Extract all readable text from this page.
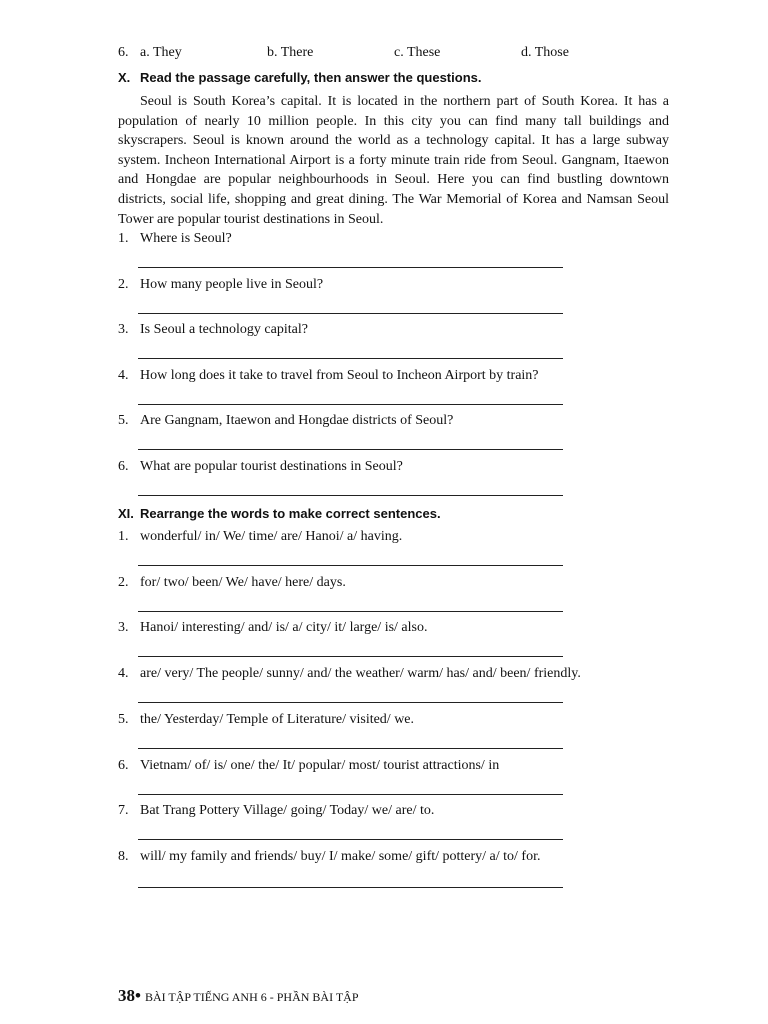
6. a. They	b. There	c. These	d. Those
X. Read the passage carefully, then answer the questions.

Seoul is South Korea’s capital. It is located in the northern part of South Korea. It has a population of nearly 10 million people. In this city you can find many tall buildings and skyscrapers. Seoul is known around the world as a technology capital. It has a large subway system. Incheon International Airport is a forty minute train ride from Seoul. Gangnam, Itaewon and Hongdae are popular neighbourhoods in Seoul. Here you can find bustling downtown districts, social life, shopping and great dining. The War Memorial of Korea and Namsan Seoul Tower are popular tourist destinations in Seoul.

1. Where is Seoul?
2. How many people live in Seoul?
3. Is Seoul a technology capital?
4. How long does it take to travel from Seoul to Incheon Airport by train?
5. Are Gangnam, Itaewon and Hongdae districts of Seoul?
6. What are popular tourist destinations in Seoul?
XI. Rearrange the words to make correct sentences.
1. wonderful/ in/ We/ time/ are/ Hanoi/ a/ having.
2. for/ two/ been/ We/ have/ here/ days.
3. Hanoi/ interesting/ and/ is/ a/ city/ it/ large/ is/ also.
4. are/ very/ The people/ sunny/ and/ the weather/ warm/ has/ and/ been/ friendly.
5. the/ Yesterday/ Temple of Literature/ visited/ we.
6. Vietnam/ of/ is/ one/ the/ It/ popular/ most/ tourist attractions/ in
7. Bat Trang Pottery Village/ going/ Today/ we/ are/ to.
8. will/ my family and friends/ buy/ I/ make/ some/ gift/ pottery/ a/ to/ for.
38• BÀI TẬP TIẾNG ANH 6 - PHẦN BÀI TẬP
